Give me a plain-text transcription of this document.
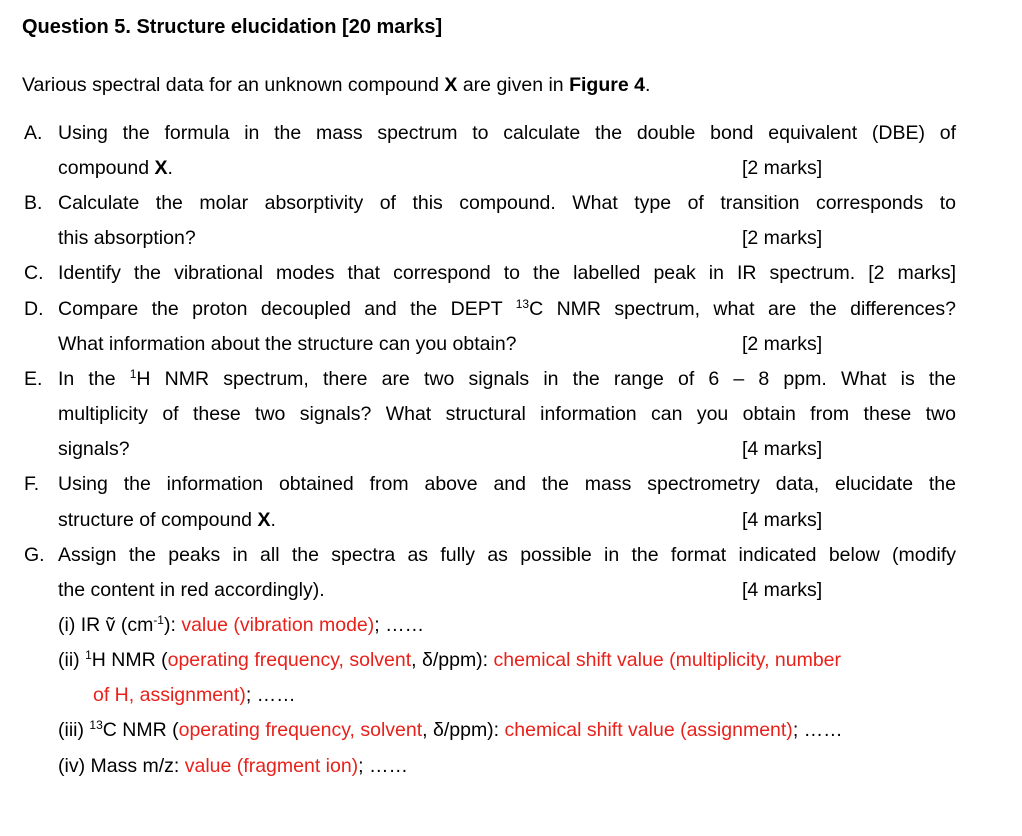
Question 5. Structure elucidation [20 marks]
Various spectral data for an unknown compound X are given in Figure 4.
A. Using the formula in the mass spectrum to calculate the double bond equivalent (DBE) of
compound X.	[2 marks]
B. Calculate the molar absorptivity of this compound. What type of transition corresponds to
this absorption?	[2 marks]
C. Identify the vibrational modes that correspond to the labelled peak in IR spectrum. [2 marks]
D. Compare the proton decoupled and the DEPT $^{13}$C NMR spectrum, what are the differences?
What information about the structure can you obtain?	[2 marks]
E. In the $^1$H NMR spectrum, there are two signals in the range of 6 – 8 ppm. What is the
multiplicity of these two signals? What structural information can you obtain from these two
signals?	[4 marks]
F. Using the information obtained from above and the mass spectrometry data, elucidate the
structure of compound X.	[4 marks]
G. Assign the peaks in all the spectra as fully as possible in the format indicated below (modify
the content in red accordingly).	[4 marks]
(i) IR ṽ $(cm^{-1})$: value (vibration mode); ……
(ii) $^1$H NMR (operating frequency, solvent, δ/ppm): chemical shift value (multiplicity, number
of H, assignment); ……
(iii) $^{13}$C NMR (operating frequency, solvent, δ/ppm): chemical shift value (assignment); ……
(iv) Mass m/z: value (fragment ion); ……
